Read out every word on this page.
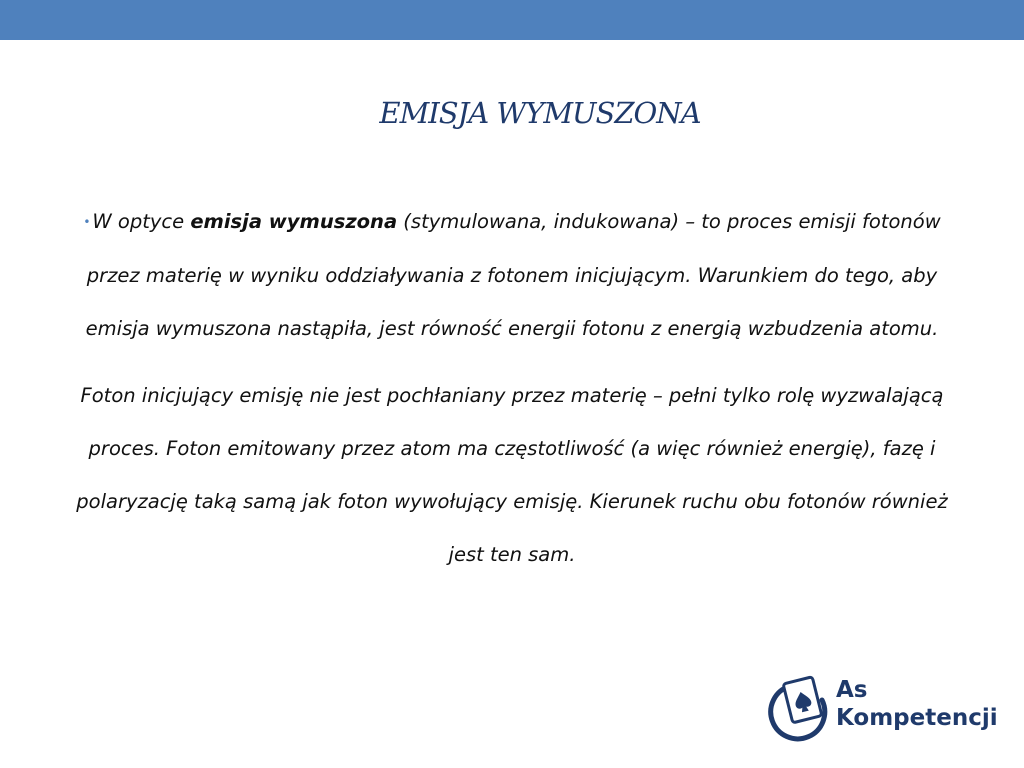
EMISJA WYMUSZONA

• W optyce emisja wymuszona (stymulowana, indukowana) – to proces emisji fotonów przez materię w wyniku oddziaływania z fotonem inicjującym. Warunkiem do tego, aby emisja wymuszona nastąpiła, jest równość energii fotonu z energią wzbudzenia atomu.

Foton inicjujący emisję nie jest pochłaniany przez materię – pełni tylko rolę wyzwalającą proces. Foton emitowany przez atom ma częstotliwość (a więc również energię), fazę i polaryzację taką samą jak foton wywołujący emisję. Kierunek ruchu obu fotonów również jest ten sam.

As
Kompetencji
